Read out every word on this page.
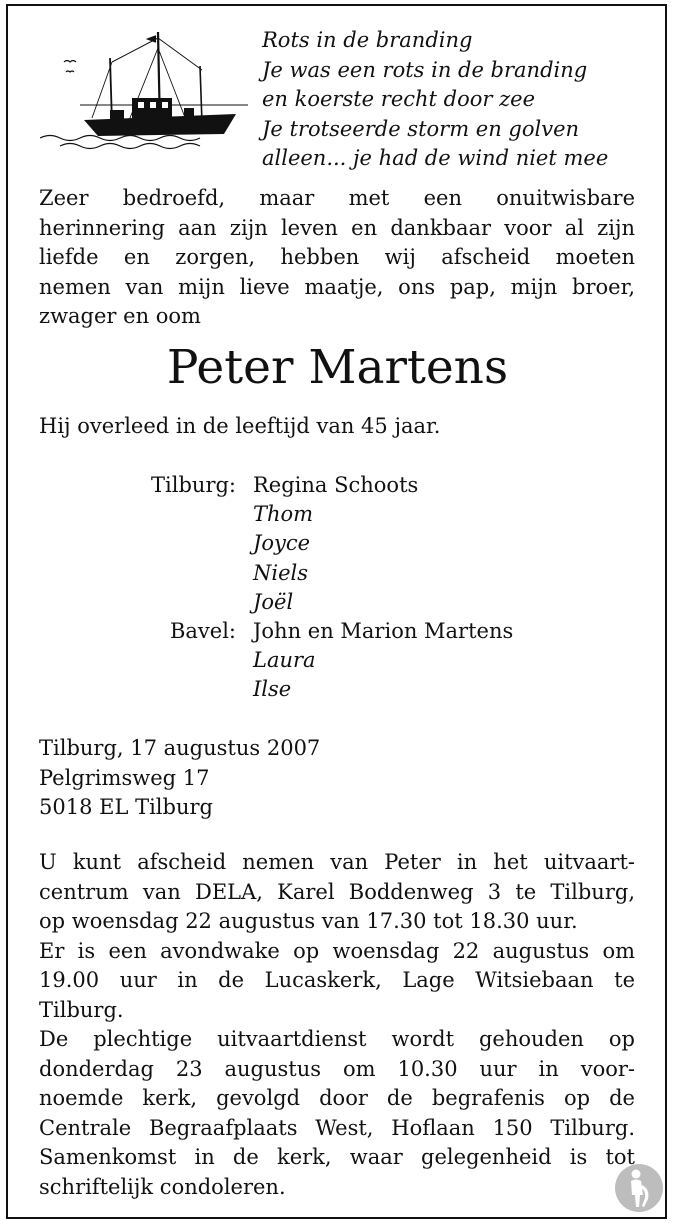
Rots in de branding
Je was een rots in de branding
en koerste recht door zee
Je trotseerde storm en golven
alleen... je had de wind niet mee
Zeer bedroefd, maar met een onuitwisbare
herinnering aan zijn leven en dankbaar voor al zijn
liefde en zorgen, hebben wij afscheid moeten
nemen van mijn lieve maatje, ons pap, mijn broer,
zwager en oom
Peter Martens
Hij overleed in de leeftijd van 45 jaar.
Tilburg: Regina Schoots
Thom
Joyce
Niels
Joël
Bavel: John en Marion Martens
Laura
Ilse
Tilburg, 17 augustus 2007
Pelgrimsweg 17
5018 EL Tilburg
U kunt afscheid nemen van Peter in het uitvaart-
centrum van DELA, Karel Boddenweg 3 te Tilburg,
op woensdag 22 augustus van 17.30 tot 18.30 uur.
Er is een avondwake op woensdag 22 augustus om
19.00 uur in de Lucaskerk, Lage Witsiebaan te
Tilburg.
De plechtige uitvaartdienst wordt gehouden op
donderdag 23 augustus om 10.30 uur in voor-
noemde kerk, gevolgd door de begrafenis op de
Centrale Begraafplaats West, Hoflaan 150 Tilburg.
Samenkomst in de kerk, waar gelegenheid is tot
schriftelijk condoleren.
